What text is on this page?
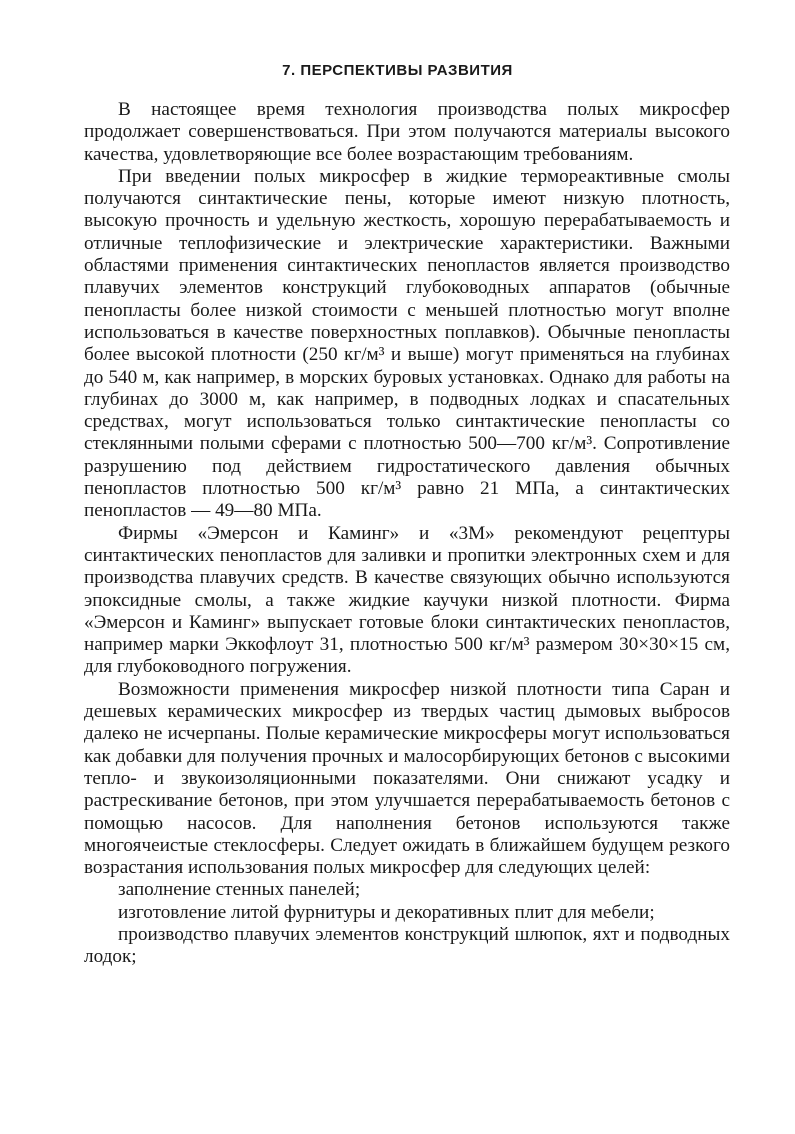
7. ПЕРСПЕКТИВЫ РАЗВИТИЯ

В настоящее время технология производства полых микросфер продолжает совершенствоваться. При этом получаются материалы высокого качества, удовлетворяющие все более возрастающим требованиям.

При введении полых микросфер в жидкие термореактивные смолы получаются синтактические пены, которые имеют низкую плотность, высокую прочность и удельную жесткость, хорошую перерабатываемость и отличные теплофизические и электрические характеристики. Важными областями применения синтактических пенопластов является производство плавучих элементов конструкций глубоководных аппаратов (обычные пенопласты более низкой стоимости с меньшей плотностью могут вполне использоваться в качестве поверхностных поплавков). Обычные пенопласты более высокой плотности (250 кг/м³ и выше) могут применяться на глубинах до 540 м, как например, в морских буровых установках. Однако для работы на глубинах до 3000 м, как например, в подводных лодках и спасательных средствах, могут использоваться только синтактические пенопласты со стеклянными полыми сферами с плотностью 500—700 кг/м³. Сопротивление разрушению под действием гидростатического давления обычных пенопластов плотностью 500 кг/м³ равно 21 МПа, а синтактических пенопластов — 49—80 МПа.

Фирмы «Эмерсон и Каминг» и «3М» рекомендуют рецептуры синтактических пенопластов для заливки и пропитки электронных схем и для производства плавучих средств. В качестве связующих обычно используются эпоксидные смолы, а также жидкие каучуки низкой плотности. Фирма «Эмерсон и Каминг» выпускает готовые блоки синтактических пенопластов, например марки Эккофлоут 31, плотностью 500 кг/м³ размером 30×30×15 см, для глубоководного погружения.

Возможности применения микросфер низкой плотности типа Саран и дешевых керамических микросфер из твердых частиц дымовых выбросов далеко не исчерпаны. Полые керамические микросферы могут использоваться как добавки для получения прочных и малосорбирующих бетонов с высокими тепло- и звукоизоляционными показателями. Они снижают усадку и растрескивание бетонов, при этом улучшается перерабатываемость бетонов с помощью насосов. Для наполнения бетонов используются также многоячеистые стеклосферы. Следует ожидать в ближайшем будущем резкого возрастания использования полых микросфер для следующих целей:

заполнение стенных панелей;

изготовление литой фурнитуры и декоративных плит для мебели;

производство плавучих элементов конструкций шлюпок, яхт и подводных лодок;
